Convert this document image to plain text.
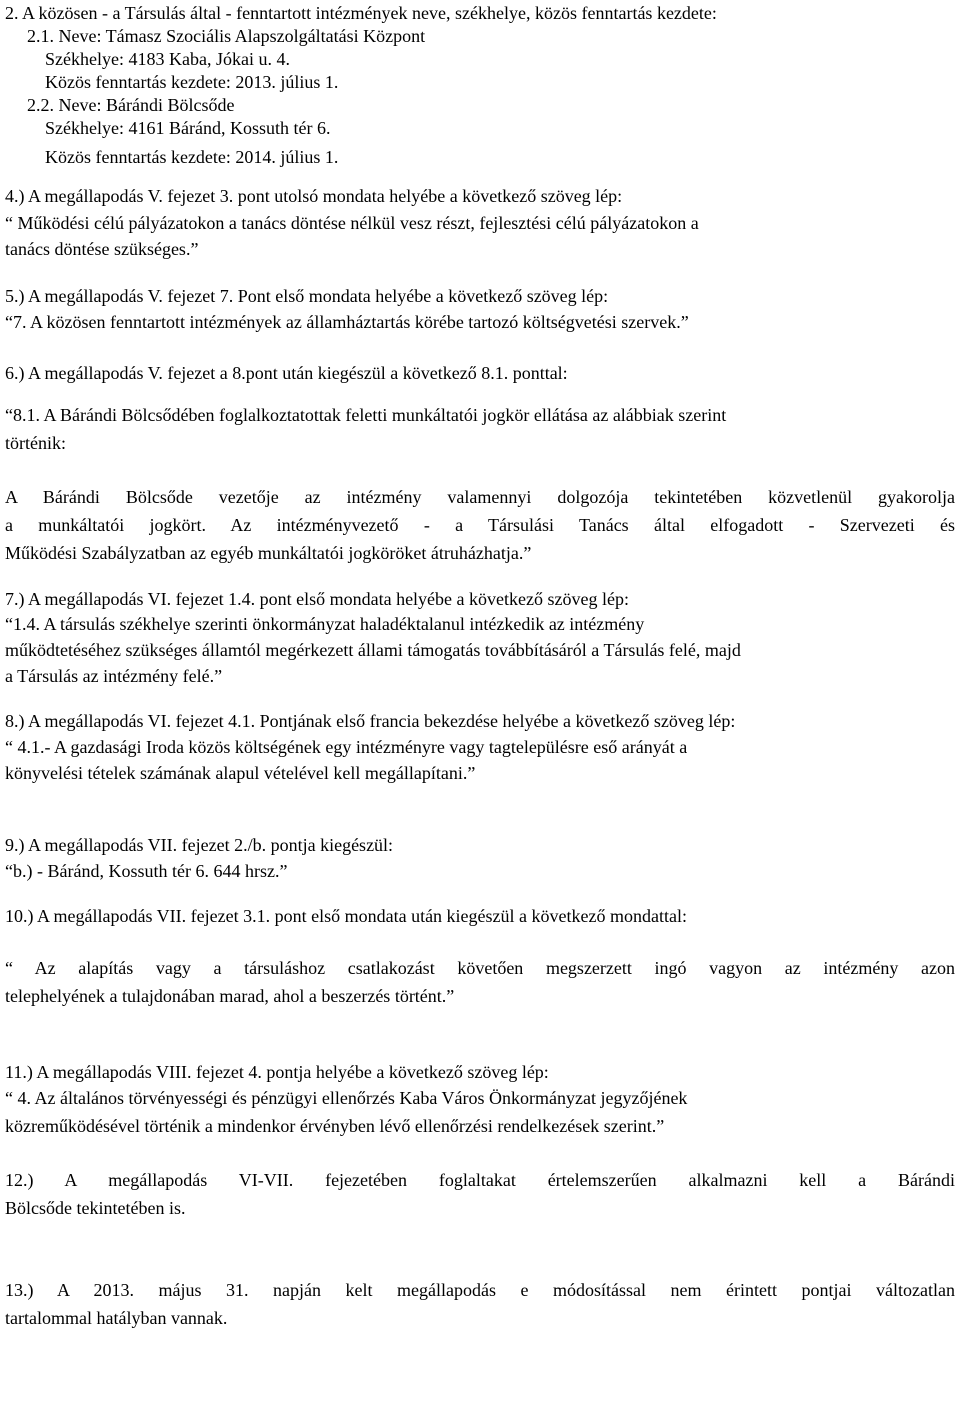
2. A közösen - a Társulás által - fenntartott intézmények neve, székhelye, közös fenntartás kezdete:
2.1. Neve: Támasz Szociális Alapszolgáltatási Központ
Székhelye: 4183 Kaba, Jókai u. 4.
Közös fenntartás kezdete: 2013. július 1.
2.2. Neve: Bárándi Bölcsőde
Székhelye: 4161 Báránd, Kossuth tér 6.
Közös fenntartás kezdete: 2014. július 1.
4.) A megállapodás V. fejezet 3. pont utolsó mondata helyébe a következő szöveg lép:
“ Működési célú pályázatokon a tanács döntése nélkül vesz részt, fejlesztési célú pályázatokon a
tanács döntése szükséges.”
5.) A megállapodás V. fejezet 7. Pont első mondata helyébe a következő szöveg lép:
“7. A közösen fenntartott intézmények az államháztartás körébe tartozó költségvetési szervek.”
6.) A megállapodás V. fejezet a 8.pont után kiegészül a következő 8.1. ponttal:
“8.1. A Bárándi Bölcsődében foglalkoztatottak feletti munkáltatói jogkör ellátása az alábbiak szerint
történik:
A Bárándi Bölcsőde vezetője az intézmény valamennyi dolgozója tekintetében közvetlenül gyakorolja
a munkáltatói jogkört. Az intézményvezető - a Társulási Tanács által elfogadott - Szervezeti és
Működési Szabályzatban az egyéb munkáltatói jogköröket átruházhatja.”
7.) A megállapodás VI. fejezet 1.4. pont első mondata helyébe a következő szöveg lép:
“1.4. A társulás székhelye szerinti önkormányzat haladéktalanul intézkedik az intézmény
működtetéséhez szükséges államtól megérkezett állami támogatás továbbításáról a Társulás felé, majd
a Társulás az intézmény felé.”
8.) A megállapodás VI. fejezet 4.1. Pontjának első francia bekezdése helyébe a következő szöveg lép:
“ 4.1.- A gazdasági Iroda közös költségének egy intézményre vagy tagtelepülésre eső arányát a
könyvelési tételek számának alapul vételével kell megállapítani.”
9.) A megállapodás VII. fejezet 2./b. pontja kiegészül:
“b.) - Báránd, Kossuth tér 6. 644 hrsz.”
10.) A megállapodás VII. fejezet 3.1. pont első mondata után kiegészül a következő mondattal:
“ Az alapítás vagy a társuláshoz csatlakozást követően megszerzett ingó vagyon az intézmény azon
telephelyének a tulajdonában marad, ahol a beszerzés történt.”
11.) A megállapodás VIII. fejezet 4. pontja helyébe a következő szöveg lép:
“ 4. Az általános törvényességi és pénzügyi ellenőrzés Kaba Város Önkormányzat jegyzőjének
közreműködésével történik a mindenkor érvényben lévő ellenőrzési rendelkezések szerint.”
12.) A megállapodás VI-VII. fejezetében foglaltakat értelemszerűen alkalmazni kell a Bárándi
Bölcsőde tekintetében is.
13.) A 2013. május 31. napján kelt megállapodás e módosítással nem érintett pontjai változatlan
tartalommal hatályban vannak.
